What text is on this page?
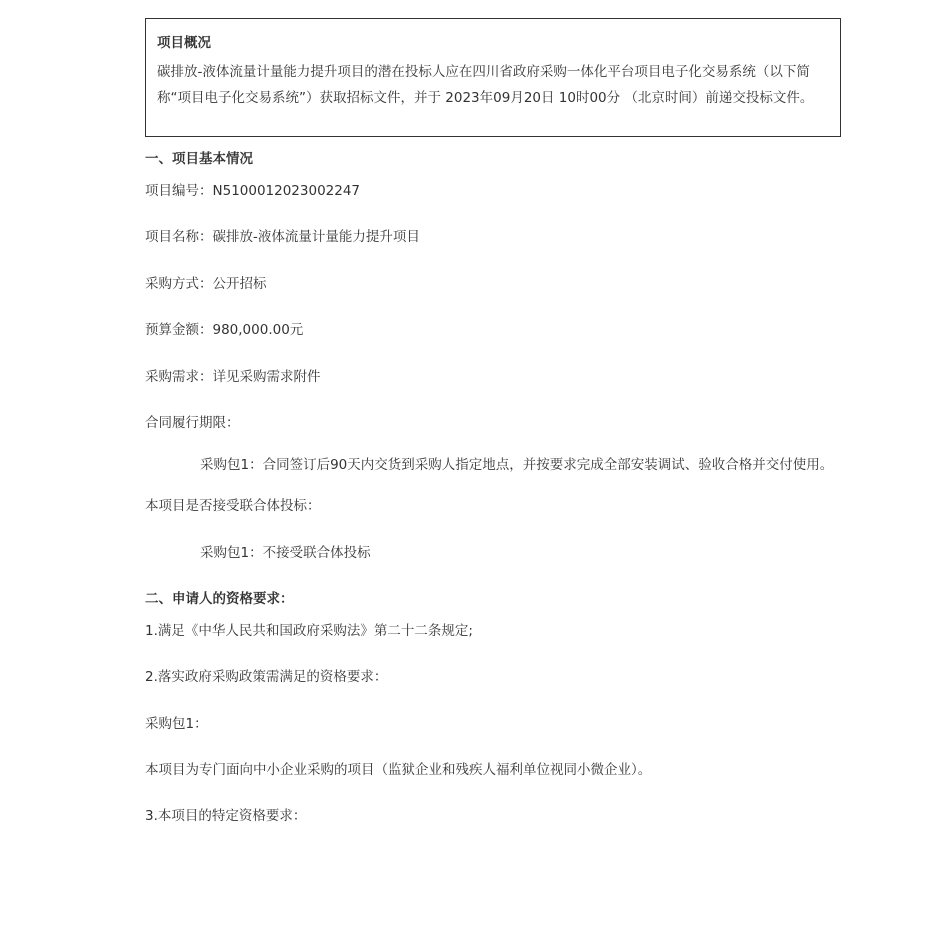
项目概况

碳排放-液体流量计量能力提升项目的潜在投标人应在四川省政府采购一体化平台项目电子化交易系统（以下简称“项目电子化交易系统”）获取招标文件，并于 2023年09月20日 10时00分 （北京时间）前递交投标文件。

一、项目基本情况

项目编号：N5100012023002247

项目名称：碳排放-液体流量计量能力提升项目

采购方式：公开招标

预算金额：980,000.00元

采购需求：详见采购需求附件

合同履行期限：

采购包1：合同签订后90天内交货到采购人指定地点，并按要求完成全部安装调试、验收合格并交付使用。

本项目是否接受联合体投标：

采购包1：不接受联合体投标

二、申请人的资格要求：

1.满足《中华人民共和国政府采购法》第二十二条规定;

2.落实政府采购政策需满足的资格要求：

采购包1：

本项目为专门面向中小企业采购的项目（监狱企业和残疾人福利单位视同小微企业）。

3.本项目的特定资格要求：
